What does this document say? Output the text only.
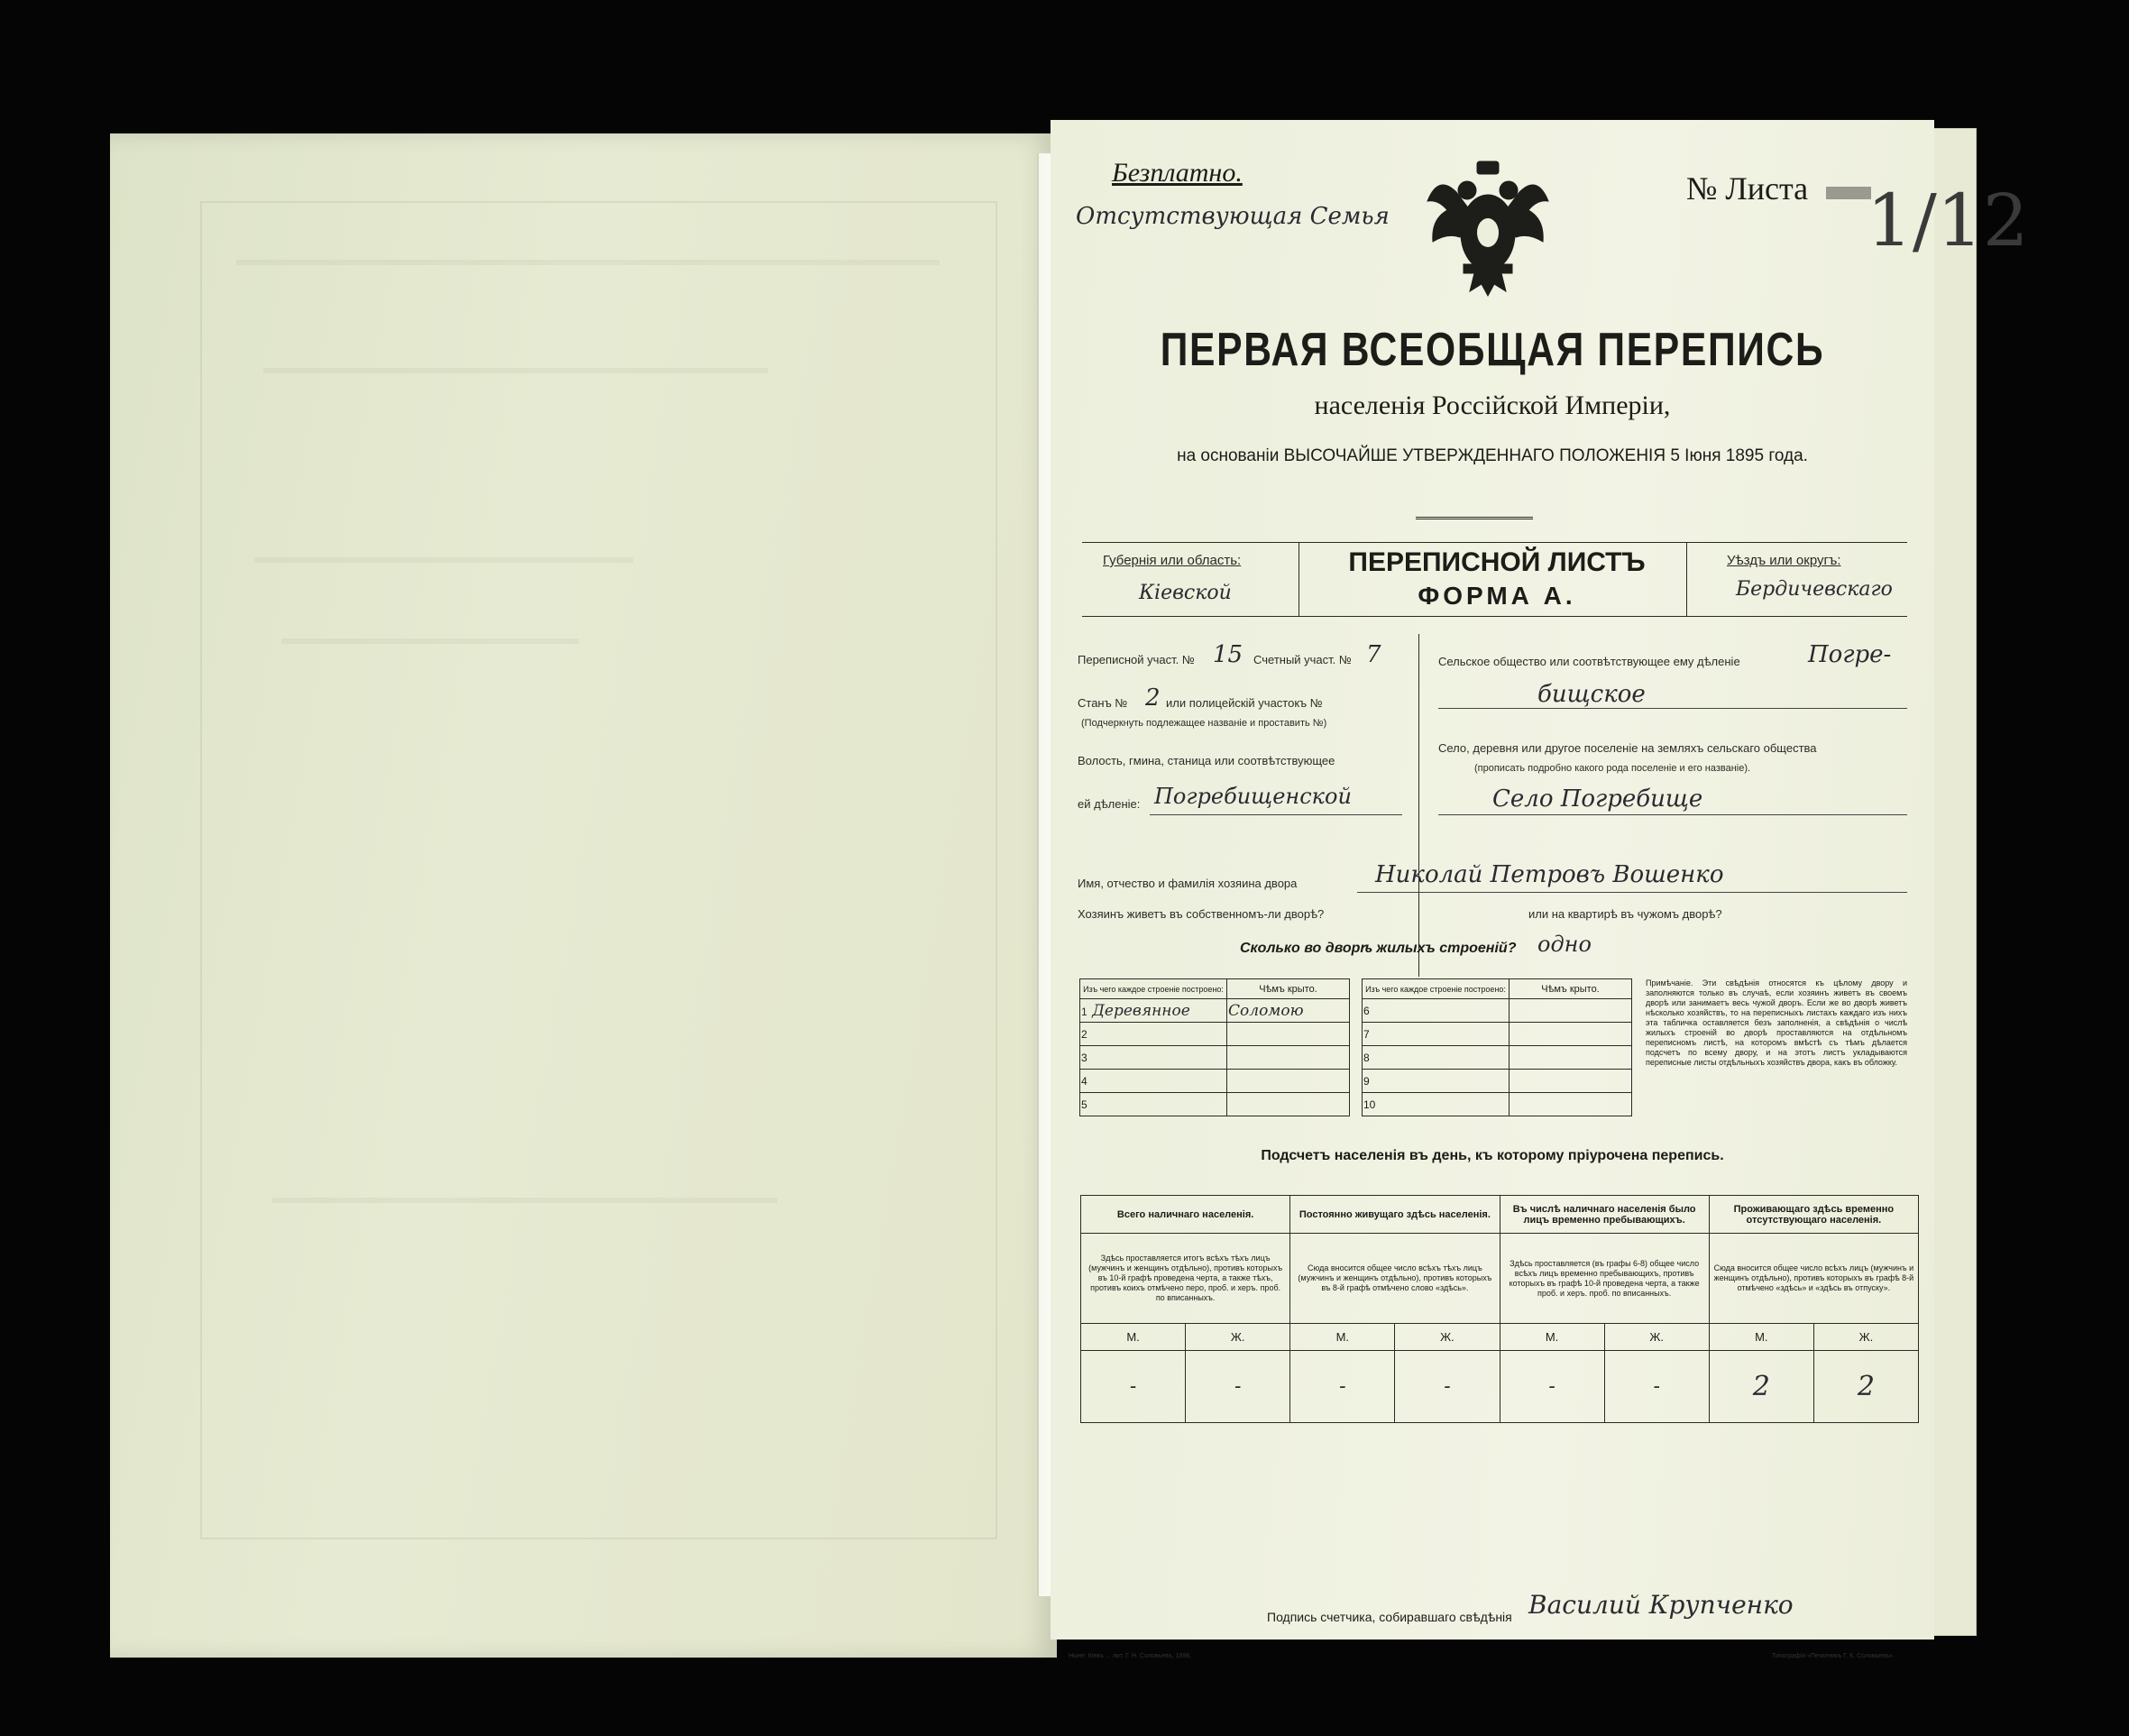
Безплатно.
Отсутствующая Семья
№ Листа 1/12
ПЕРВАЯ ВСЕОБЩАЯ ПЕРЕПИСЬ
населенія Россійской Имперіи,
на основаніи ВЫСОЧАЙШЕ УТВЕРЖДЕННАГО ПОЛОЖЕНІЯ 5 Іюня 1895 года.
Губернія или область:
Кіевской
ПЕРЕПИСНОЙ ЛИСТЪ
ФОРМА А.
Уѣздъ или округъ:
Бердичевскаго
Переписной участ. № 15 Счетный участ. № 7
Станъ № 2 или полицейскій участокъ №
(Подчеркнуть подлежащее названіе и проставить №)
Волость, гмина, станица или соотвѣтствующее
ей дѣленіе: Погребищенской
Сельское общество или соотвѣтствующее ему дѣленіе	Погре-
бищское
Село, деревня или другое поселеніе на земляхъ сельскаго общества
(прописать подробно какого рода поселеніе и его названіе).
Село Погребище
Имя, отчество и фамилія хозяина двора	Николай Петровъ Вошенко
Хозяинъ живетъ въ собственномъ-ли дворѣ?	или на квартирѣ въ чужомъ дворѣ?
Сколько во дворѣ жилыхъ строеній? одно
Изъ чего каждое строеніе построено:	Чѣмъ крыто.
1 Деревянное	Соломою
2	
3	
4	
5	
Изъ чего каждое строеніе построено:	Чѣмъ крыто.
6	
7	
8	
9	
10	
Примѣчаніе. Эти свѣдѣнія относятся къ цѣлому двору и заполняются только въ случаѣ, если хозяинъ живетъ въ своемъ дворѣ или занимаетъ весь чужой дворъ. Если же во дворѣ живетъ нѣсколько хозяйствъ, то на переписныхъ листахъ каждаго изъ нихъ эта табличка оставляется безъ заполненія, а свѣдѣнія о числѣ жилыхъ строеній во дворѣ проставляются на отдѣльномъ переписномъ листѣ, на которомъ вмѣстѣ съ тѣмъ дѣлается подсчетъ по всему двору, и на этотъ листъ укладываются переписные листы отдѣльныхъ хозяйствъ двора, какъ въ обложку.
Подсчетъ населенія въ день, къ которому пріурочена перепись.
Всего наличнаго населенія.		Постоянно живущаго здѣсь населенія.		Въ числѣ наличнаго населенія было лицъ временно пребывающихъ.		Проживающаго здѣсь временно отсутствующаго населенія.	
Здѣсь проставляется итогъ всѣхъ тѣхъ лицъ (мужчинъ и женщинъ отдѣльно), противъ которыхъ въ 10-й графѣ проведена черта, а также тѣхъ, противъ коихъ отмѣчено перо, проб. и херъ. проб. по вписанныхъ.		Сюда вносится общее число всѣхъ тѣхъ лицъ (мужчинъ и женщинъ отдѣльно), противъ которыхъ въ 8-й графѣ отмѣчено слово «здѣсь».		Здѣсь проставляется (въ графы 6-8) общее число всѣхъ лицъ временно пребывающихъ, противъ которыхъ въ графѣ 10-й проведена черта, а также проб. и херъ. проб. по вписанныхъ.		Сюда вносится общее число всѣхъ лицъ (мужчинъ и женщинъ отдѣльно), противъ которыхъ въ графѣ 8-й отмѣчено «здѣсь» и «здѣсь въ отпуску».	
М.	Ж.	М.	Ж.	М.	Ж.	М.	Ж.
-	-	-	-	-	-	2	2
Подпись счетчика, собиравшаго свѣдѣнія Василий Крупченко
Ныне: Кіевъ ... лит. Г. Н. Соловьевъ, 1896.	Типографія «Печатникъ Г. К. Соловьевъ».
